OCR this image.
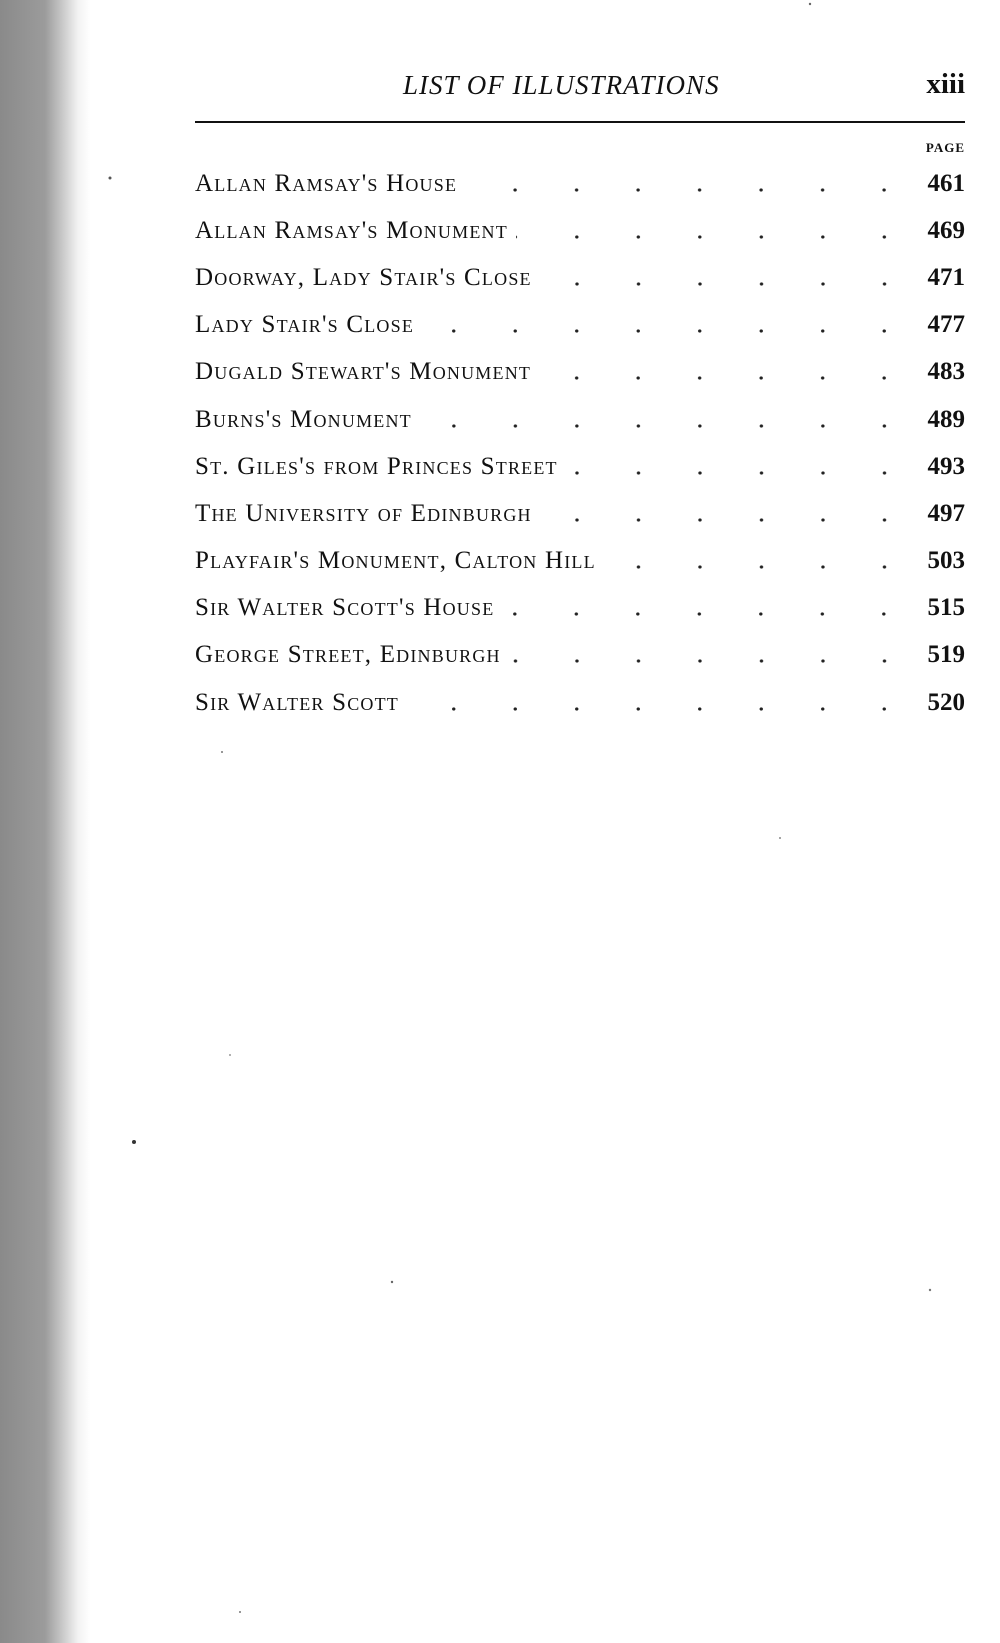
LIST OF ILLUSTRATIONS	xiii
PAGE
Allan Ramsay's House	461
Allan Ramsay's Monument	469
Doorway, Lady Stair's Close	471
Lady Stair's Close	477
Dugald Stewart's Monument	483
Burns's Monument	489
St. Giles's from Princes Street	493
The University of Edinburgh	497
Playfair's Monument, Calton Hill	503
Sir Walter Scott's House	515
George Street, Edinburgh	519
Sir Walter Scott	520
